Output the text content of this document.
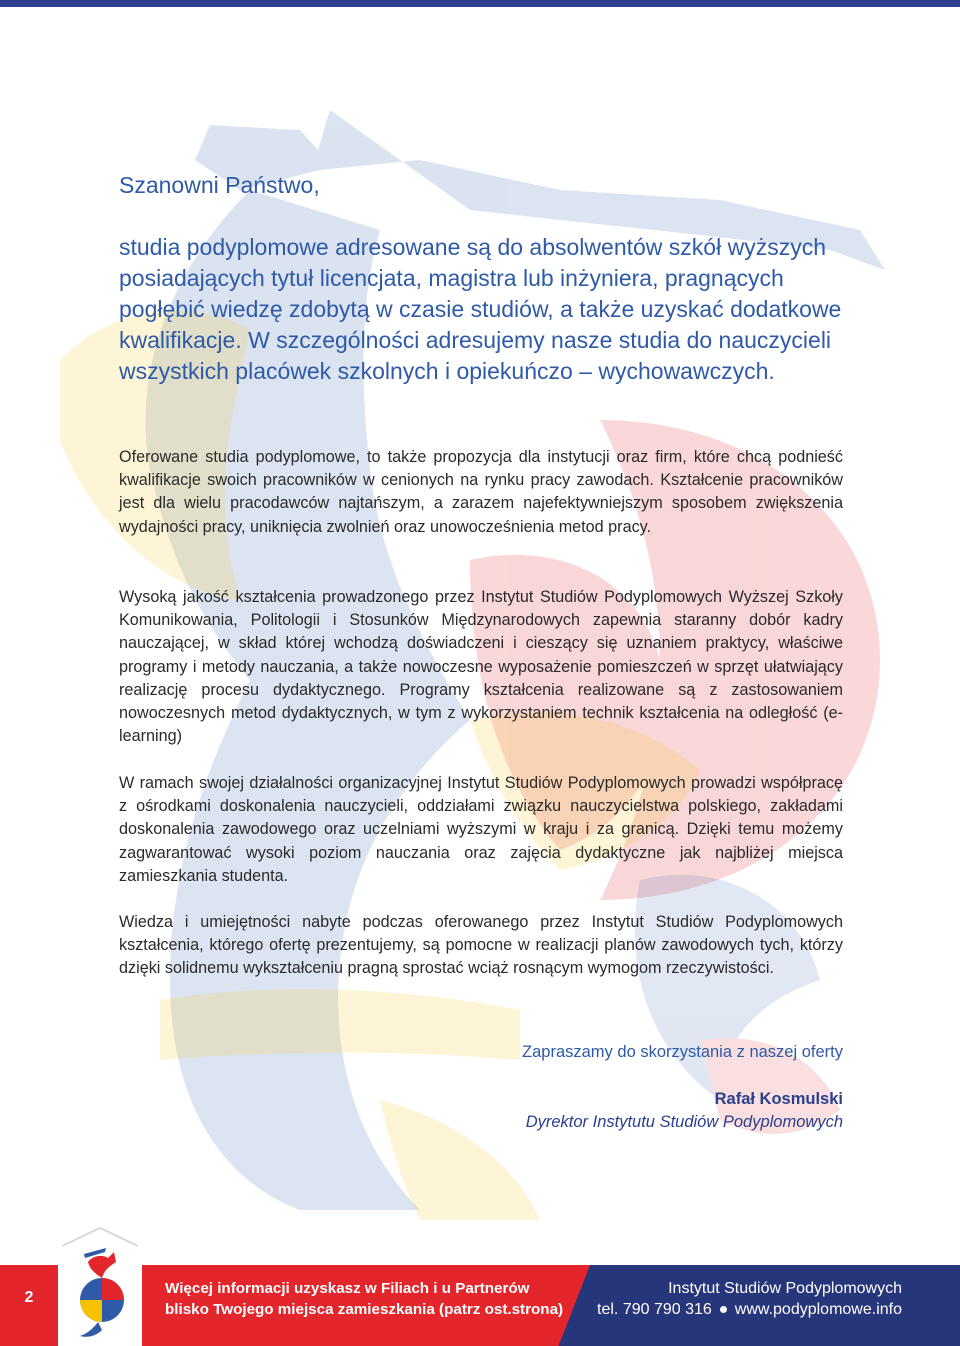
Szanowni Państwo,
studia podyplomowe adresowane są do absolwentów szkół wyższych posiadających tytuł licencjata, magistra lub inżyniera, pragnących pogłębić wiedzę zdobytą w czasie studiów, a także uzyskać dodatkowe kwalifikacje. W szczególności adresujemy nasze studia do nauczycieli wszystkich placówek szkolnych i opiekuńczo – wychowawczych.

Oferowane studia podyplomowe, to także propozycja dla instytucji oraz firm, które chcą podnieść kwalifikacje swoich pracowników w cenionych na rynku pracy zawodach. Kształcenie pracowników jest dla wielu pracodawców najtańszym, a zarazem najefektywniejszym sposobem zwiększenia wydajności pracy, uniknięcia zwolnień oraz unowocześnienia metod pracy.

Wysoką jakość kształcenia prowadzonego przez Instytut Studiów Podyplomowych Wyższej Szkoły Komunikowania, Politologii i Stosunków Międzynarodowych zapewnia staranny dobór kadry nauczającej, w skład której wchodzą doświadczeni i cieszący się uznaniem praktycy, właściwe programy i metody nauczania, a także nowoczesne wyposażenie pomieszczeń w sprzęt ułatwiający realizację procesu dydaktycznego. Programy kształcenia realizowane są z zastosowaniem nowoczesnych metod dydaktycznych, w tym z wykorzystaniem technik kształcenia na odległość (e-learning)

W ramach swojej działalności organizacyjnej Instytut Studiów Podyplomowych prowadzi współpracę z ośrodkami doskonalenia nauczycieli, oddziałami związku nauczycielstwa polskiego, zakładami doskonalenia zawodowego oraz uczelniami wyższymi w kraju i za granicą. Dzięki temu możemy zagwarantować wysoki poziom nauczania oraz zajęcia dydaktyczne jak najbliżej miejsca zamieszkania studenta.

Wiedza i umiejętności nabyte podczas oferowanego przez Instytut Studiów Podyplomowych kształcenia, którego ofertę prezentujemy, są pomocne w realizacji planów zawodowych tych, którzy dzięki solidnemu wykształceniu pragną sprostać wciąż rosnącym wymogom rzeczywistości.

Zapraszamy do skorzystania z naszej oferty
Rafał Kosmulski
Dyrektor Instytutu Studiów Podyplomowych
2
Więcej informacji uzyskasz w Filiach i u Partnerów
blisko Twojego miejsca zamieszkania (patrz ost.strona)
Instytut Studiów Podyplomowych
tel. 790 790 316 www.podyplomowe.info
